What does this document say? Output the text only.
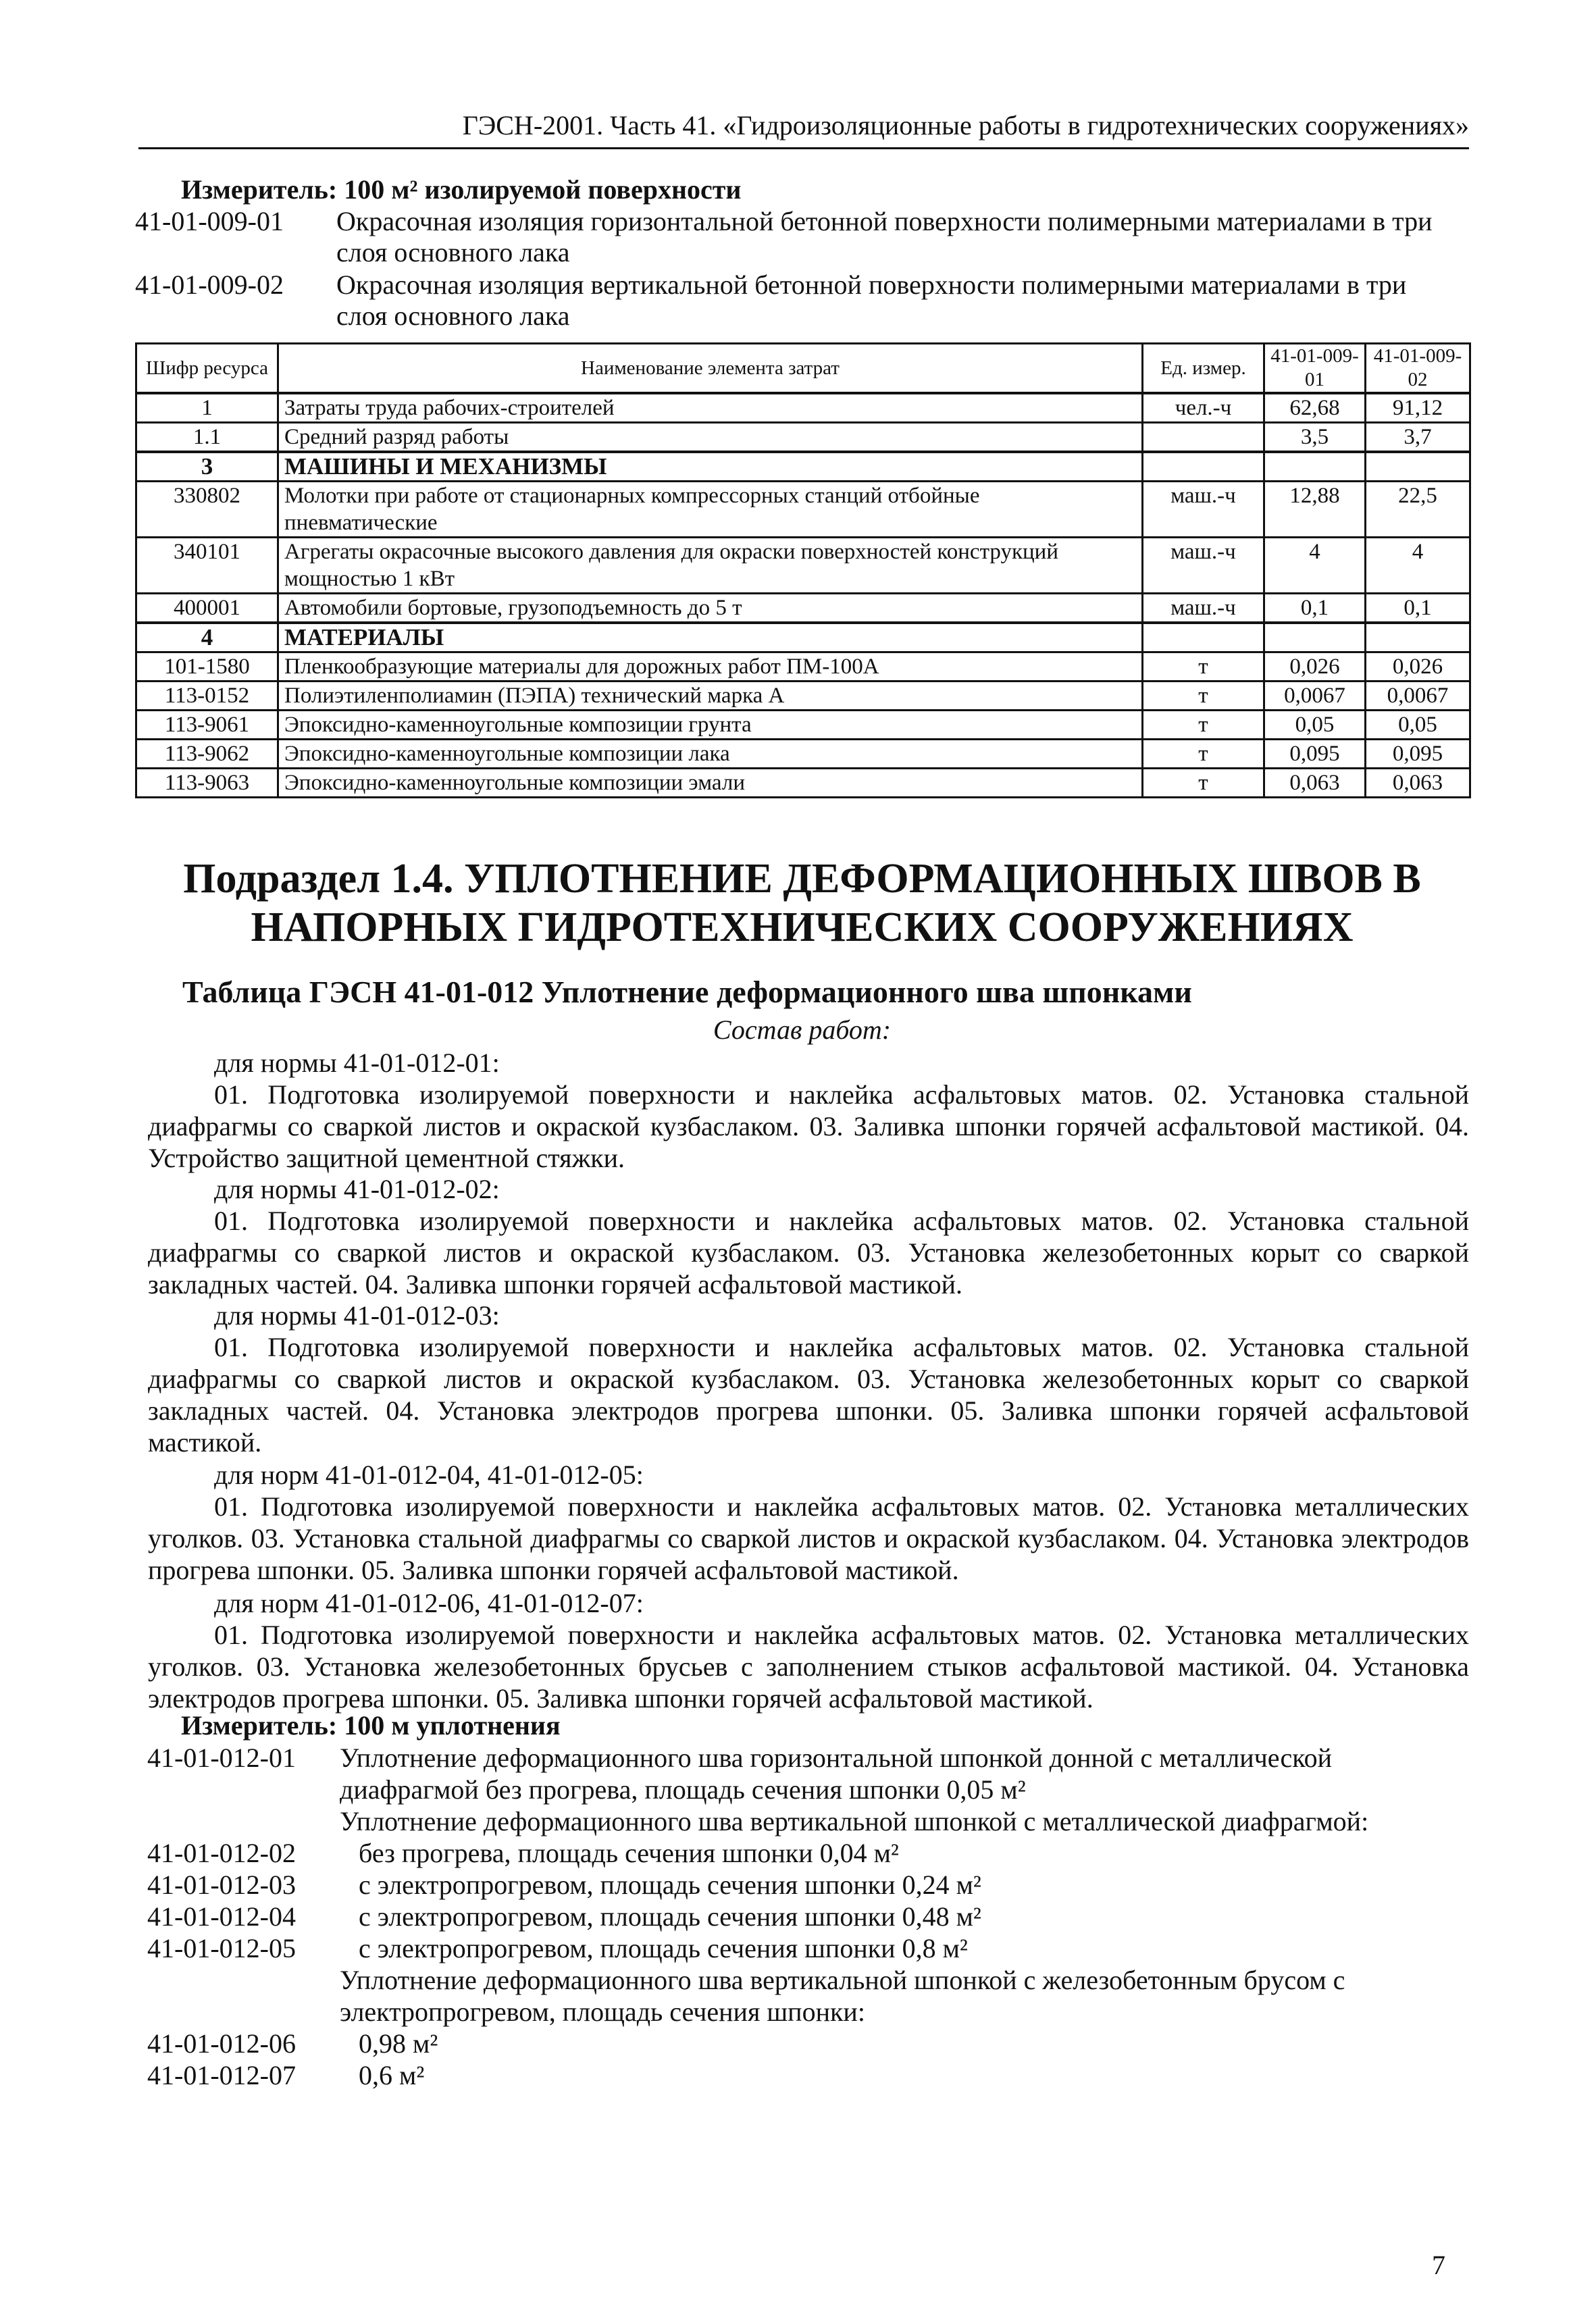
ГЭСН-2001. Часть 41. «Гидроизоляционные работы в гидротехнических сооружениях»
Измеритель: 100 м² изолируемой поверхности
41-01-009-01 Окрасочная изоляция горизонтальной бетонной поверхности полимерными материалами в три
слоя основного лака
41-01-009-02 Окрасочная изоляция вертикальной бетонной поверхности полимерными материалами в три
слоя основного лака
Шифр ресурса	Наименование элемента затрат	Ед. измер.	41-01-009-01	41-01-009-02
1	Затраты труда рабочих-строителей	чел.-ч	62,68	91,12
1.1	Средний разряд работы		3,5	3,7
3	МАШИНЫ И МЕХАНИЗМЫ			
330802	Молотки при работе от стационарных компрессорных станций отбойные пневматические	маш.-ч	12,88	22,5
340101	Агрегаты окрасочные высокого давления для окраски поверхностей конструкций мощностью 1 кВт	маш.-ч	4	4
400001	Автомобили бортовые, грузоподъемность до 5 т	маш.-ч	0,1	0,1
4	МАТЕРИАЛЫ			
101-1580	Пленкообразующие материалы для дорожных работ ПМ-100А	т	0,026	0,026
113-0152	Полиэтиленполиамин (ПЭПА) технический марка А	т	0,0067	0,0067
113-9061	Эпоксидно-каменноугольные композиции грунта	т	0,05	0,05
113-9062	Эпоксидно-каменноугольные композиции лака	т	0,095	0,095
113-9063	Эпоксидно-каменноугольные композиции эмали	т	0,063	0,063
Подраздел 1.4. УПЛОТНЕНИЕ ДЕФОРМАЦИОННЫХ ШВОВ В
НАПОРНЫХ ГИДРОТЕХНИЧЕСКИХ СООРУЖЕНИЯХ
Таблица ГЭСН 41-01-012 Уплотнение деформационного шва шпонками
Состав работ:
для нормы 41-01-012-01:
01. Подготовка изолируемой поверхности и наклейка асфальтовых матов. 02. Установка стальной диафрагмы со сваркой листов и окраской кузбаслаком. 03. Заливка шпонки горячей асфальтовой мастикой. 04. Устройство защитной цементной стяжки.
для нормы 41-01-012-02:
01. Подготовка изолируемой поверхности и наклейка асфальтовых матов. 02. Установка стальной диафрагмы со сваркой листов и окраской кузбаслаком. 03. Установка железобетонных корыт со сваркой закладных частей. 04. Заливка шпонки горячей асфальтовой мастикой.
для нормы 41-01-012-03:
01. Подготовка изолируемой поверхности и наклейка асфальтовых матов. 02. Установка стальной диафрагмы со сваркой листов и окраской кузбаслаком. 03. Установка железобетонных корыт со сваркой закладных частей. 04. Установка электродов прогрева шпонки. 05. Заливка шпонки горячей асфальтовой мастикой.
для норм 41-01-012-04, 41-01-012-05:
01. Подготовка изолируемой поверхности и наклейка асфальтовых матов. 02. Установка металлических уголков. 03. Установка стальной диафрагмы со сваркой листов и окраской кузбаслаком. 04. Установка электродов прогрева шпонки. 05. Заливка шпонки горячей асфальтовой мастикой.
для норм 41-01-012-06, 41-01-012-07:
01. Подготовка изолируемой поверхности и наклейка асфальтовых матов. 02. Установка металлических уголков. 03. Установка железобетонных брусьев с заполнением стыков асфальтовой мастикой. 04. Установка электродов прогрева шпонки. 05. Заливка шпонки горячей асфальтовой мастикой.
Измеритель: 100 м уплотнения
41-01-012-01 Уплотнение деформационного шва горизонтальной шпонкой донной с металлической
диафрагмой без прогрева, площадь сечения шпонки 0,05 м²
Уплотнение деформационного шва вертикальной шпонкой с металлической диафрагмой:
41-01-012-02 без прогрева, площадь сечения шпонки 0,04 м²
41-01-012-03 с электропрогревом, площадь сечения шпонки 0,24 м²
41-01-012-04 с электропрогревом, площадь сечения шпонки 0,48 м²
41-01-012-05 с электропрогревом, площадь сечения шпонки 0,8 м²
Уплотнение деформационного шва вертикальной шпонкой с железобетонным брусом с
электропрогревом, площадь сечения шпонки:
41-01-012-06 0,98 м²
41-01-012-07 0,6 м²
7
